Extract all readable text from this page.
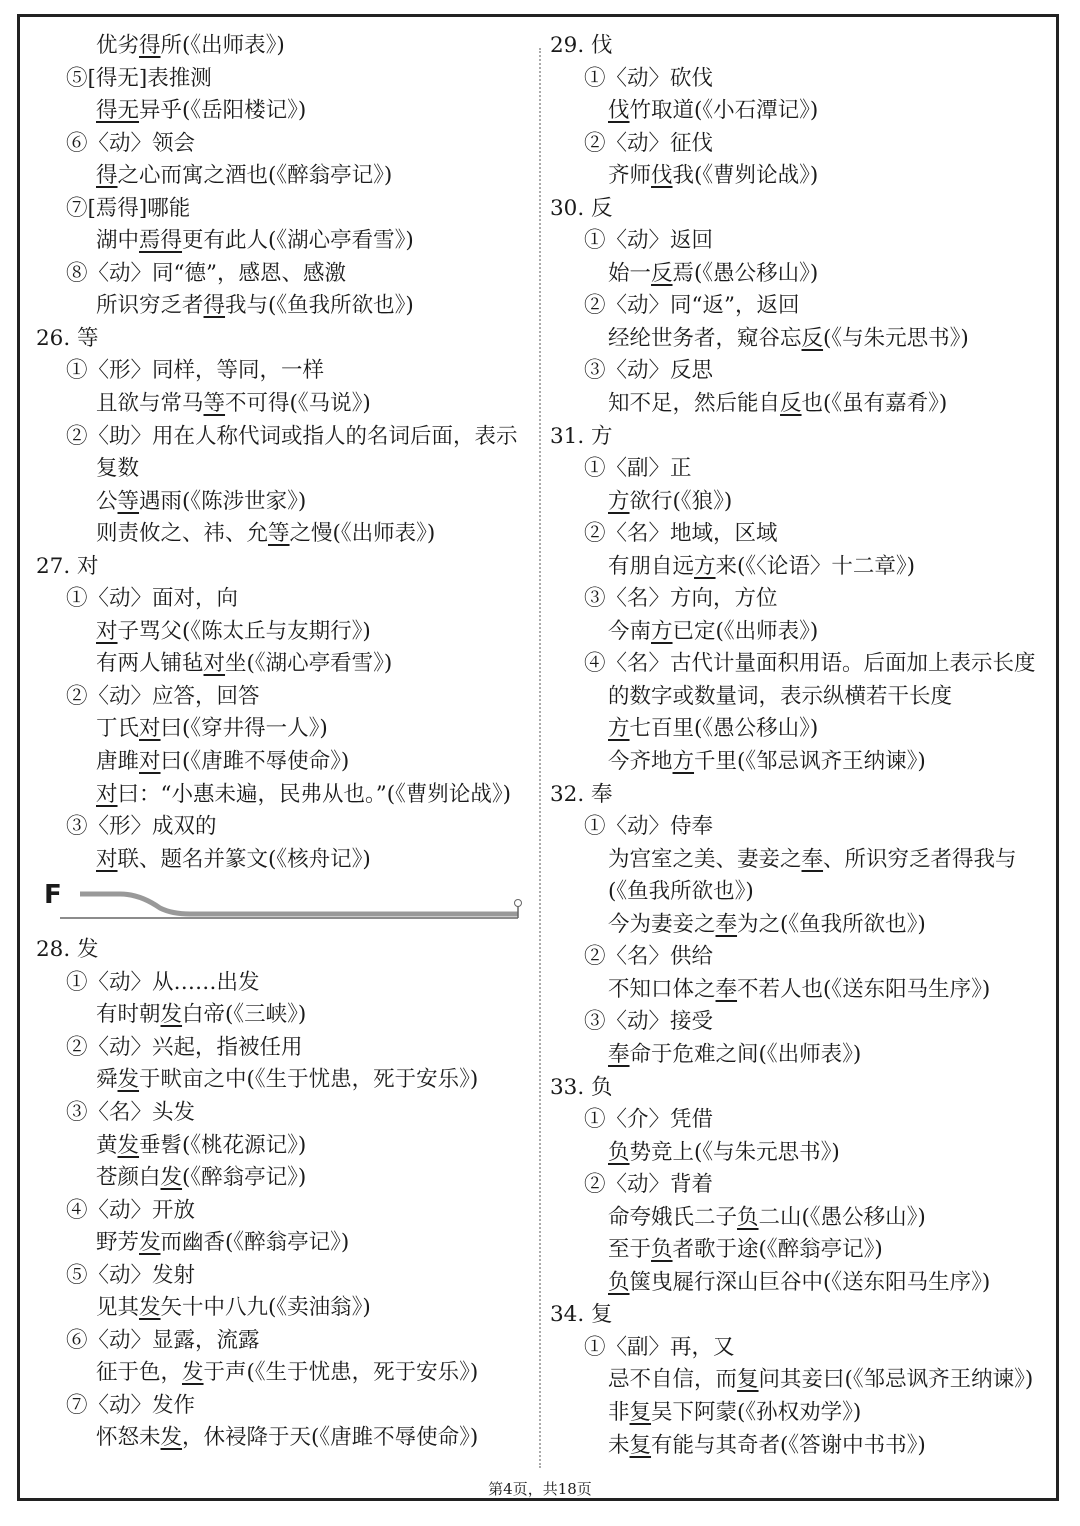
优劣得所(《出师表》)
⑤[得无]表推测
得无异乎(《岳阳楼记》)
⑥〈动〉领会
得之心而寓之酒也(《醉翁亭记》)
⑦[焉得]哪能
湖中焉得更有此人(《湖心亭看雪》)
⑧〈动〉同“德”，感恩、感激
所识穷乏者得我与(《鱼我所欲也》)
26. 等
①〈形〉同样，等同，一样
且欲与常马等不可得(《马说》)
②〈助〉用在人称代词或指人的名词后面，表示
复数
公等遇雨(《陈涉世家》)
则责攸之、祎、允等之慢(《出师表》)
27. 对
①〈动〉面对，向
对子骂父(《陈太丘与友期行》)
有两人铺毡对坐(《湖心亭看雪》)
②〈动〉应答，回答
丁氏对曰(《穿井得一人》)
唐雎对曰(《唐雎不辱使命》)
对曰：“小惠未遍，民弗从也。”(《曹刿论战》)
③〈形〉成双的
对联、题名并篆文(《核舟记》)
F
28. 发
①〈动〉从……出发
有时朝发白帝(《三峡》)
②〈动〉兴起，指被任用
舜发于畎亩之中(《生于忧患，死于安乐》)
③〈名〉头发
黄发垂髫(《桃花源记》)
苍颜白发(《醉翁亭记》)
④〈动〉开放
野芳发而幽香(《醉翁亭记》)
⑤〈动〉发射
见其发矢十中八九(《卖油翁》)
⑥〈动〉显露，流露
征于色，发于声(《生于忧患，死于安乐》)
⑦〈动〉发作
怀怒未发，休祲降于天(《唐雎不辱使命》)
29. 伐
①〈动〉砍伐
伐竹取道(《小石潭记》)
②〈动〉征伐
齐师伐我(《曹刿论战》)
30. 反
①〈动〉返回
始一反焉(《愚公移山》)
②〈动〉同“返”，返回
经纶世务者，窥谷忘反(《与朱元思书》)
③〈动〉反思
知不足，然后能自反也(《虽有嘉肴》)
31. 方
①〈副〉正
方欲行(《狼》)
②〈名〉地域，区域
有朋自远方来(《〈论语〉十二章》)
③〈名〉方向，方位
今南方已定(《出师表》)
④〈名〉古代计量面积用语。后面加上表示长度
的数字或数量词，表示纵横若干长度
方七百里(《愚公移山》)
今齐地方千里(《邹忌讽齐王纳谏》)
32. 奉
①〈动〉侍奉
为宫室之美、妻妾之奉、所识穷乏者得我与
(《鱼我所欲也》)
今为妻妾之奉为之(《鱼我所欲也》)
②〈名〉供给
不知口体之奉不若人也(《送东阳马生序》)
③〈动〉接受
奉命于危难之间(《出师表》)
33. 负
①〈介〉凭借
负势竞上(《与朱元思书》)
②〈动〉背着
命夸娥氏二子负二山(《愚公移山》)
至于负者歌于途(《醉翁亭记》)
负箧曳屣行深山巨谷中(《送东阳马生序》)
34. 复
①〈副〉再，又
忌不自信，而复问其妾曰(《邹忌讽齐王纳谏》)
非复吴下阿蒙(《孙权劝学》)
未复有能与其奇者(《答谢中书书》)
第4页，共18页
